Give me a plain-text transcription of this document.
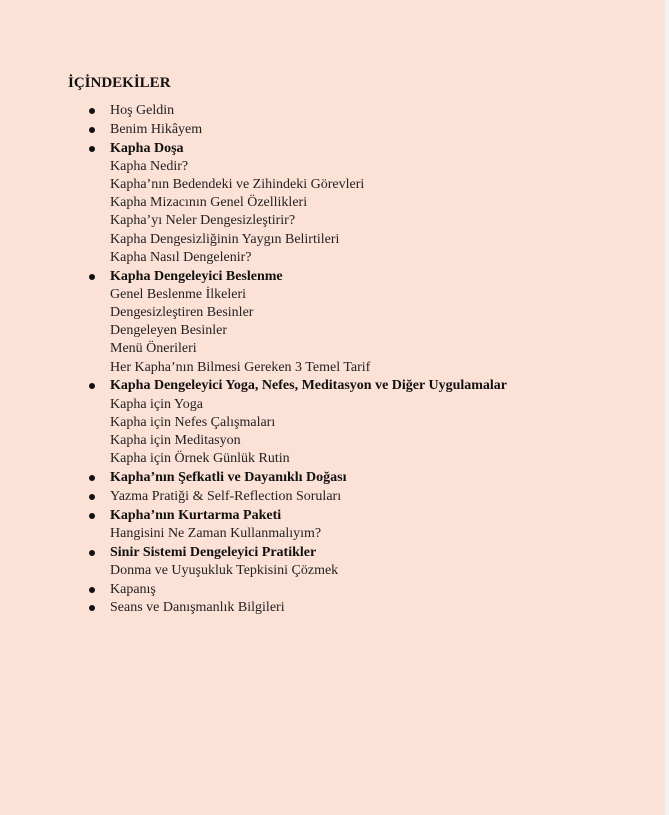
İÇİNDEKİLER
Hoş Geldin
Benim Hikâyem
Kapha Doşa
Kapha Nedir?
Kapha’nın Bedendeki ve Zihindeki Görevleri
Kapha Mizacının Genel Özellikleri
Kapha’yı Neler Dengesizleştirir?
Kapha Dengesizliğinin Yaygın Belirtileri
Kapha Nasıl Dengelenir?
Kapha Dengeleyici Beslenme
Genel Beslenme İlkeleri
Dengesizleştiren Besinler
Dengeleyen Besinler
Menü Önerileri
Her Kapha’nın Bilmesi Gereken 3 Temel Tarif
Kapha Dengeleyici Yoga, Nefes, Meditasyon ve Diğer Uygulamalar
Kapha için Yoga
Kapha için Nefes Çalışmaları
Kapha için Meditasyon
Kapha için Örnek Günlük Rutin
Kapha’nın Şefkatli ve Dayanıklı Doğası
Yazma Pratiği & Self-Reflection Soruları
Kapha’nın Kurtarma Paketi
Hangisini Ne Zaman Kullanmalıyım?
Sinir Sistemi Dengeleyici Pratikler
Donma ve Uyuşukluk Tepkisini Çözmek
Kapanış
Seans ve Danışmanlık Bilgileri
